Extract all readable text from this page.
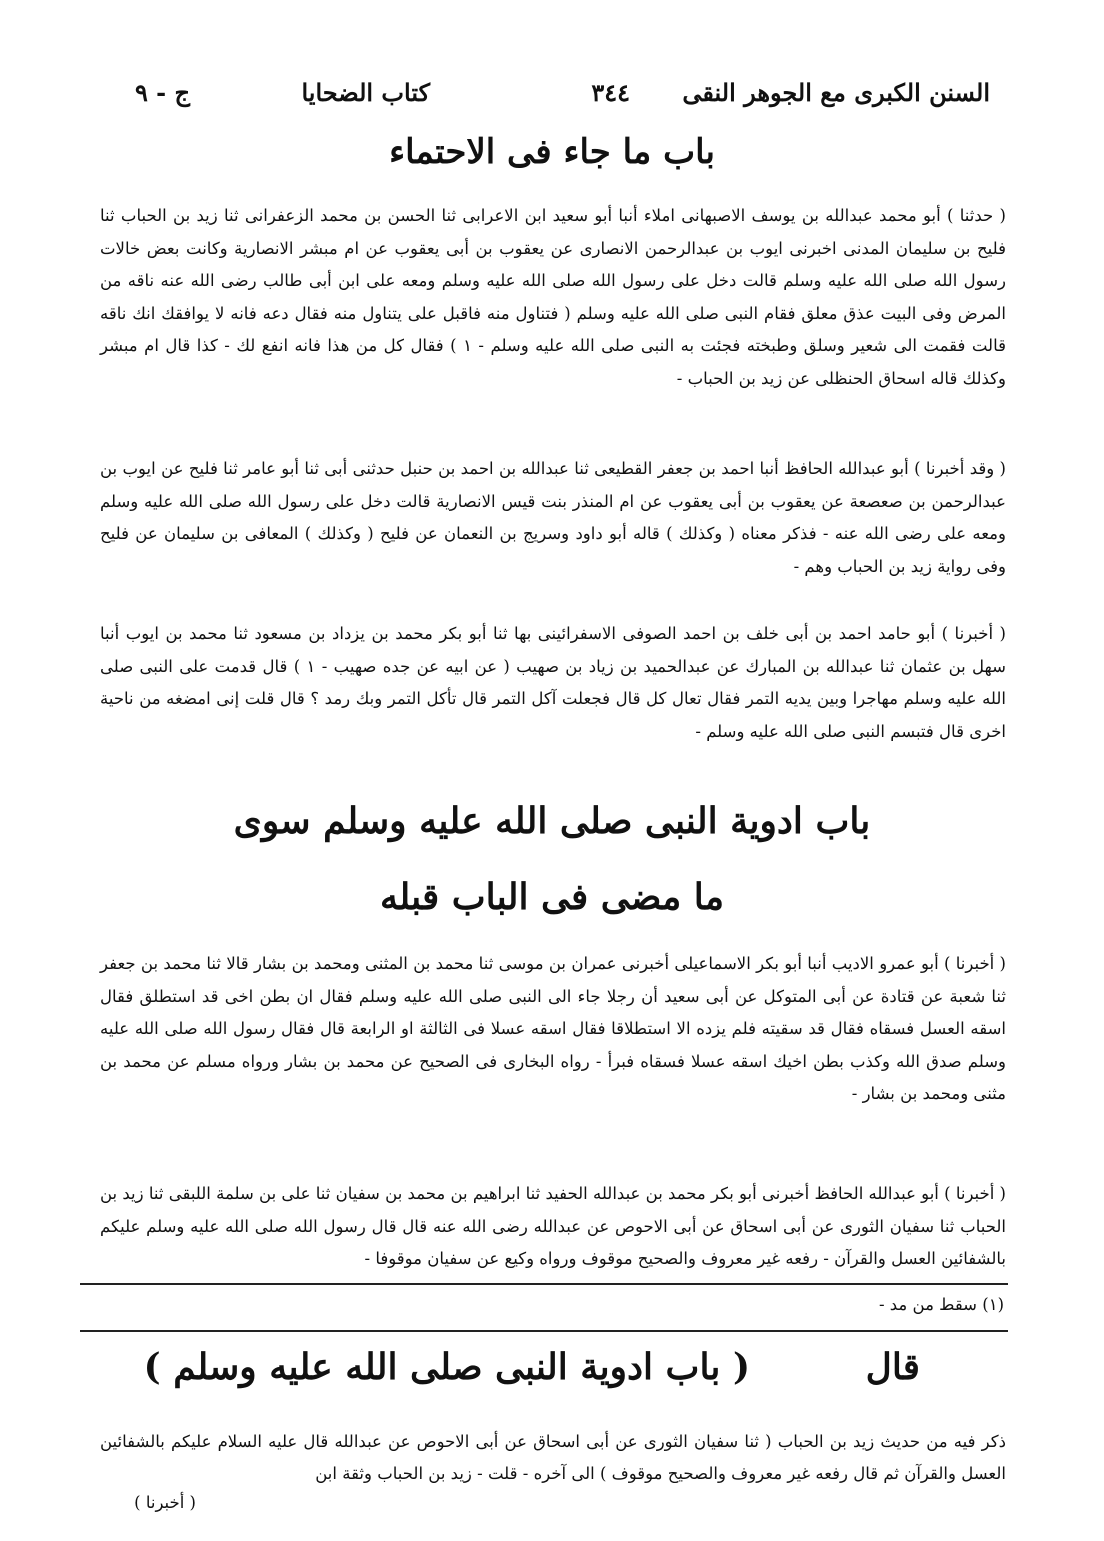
السنن الكبرى مع الجوهر النقى
٣٤٤
كتاب الضحايا
ج - ٩
باب ما جاء فى الاحتماء

( حدثنا ) أبو محمد عبدالله بن يوسف الاصبهانى املاء أنبا أبو سعيد ابن الاعرابى ثنا الحسن بن محمد الزعفرانى ثنا زيد بن الحباب ثنا فليح بن سليمان المدنى اخبرنى ايوب بن عبدالرحمن الانصارى عن يعقوب بن أبى يعقوب عن ام مبشر الانصارية وكانت بعض خالات رسول الله صلى الله عليه وسلم قالت دخل على رسول الله صلى الله عليه وسلم ومعه على ابن أبى طالب رضى الله عنه ناقه من المرض وفى البيت عذق معلق فقام النبى صلى الله عليه وسلم ( فتناول منه فاقبل على يتناول منه فقال دعه فانه لا يوافقك انك ناقه قالت فقمت الى شعير وسلق وطبخته فجئت به النبى صلى الله عليه وسلم - ١ ) فقال كل من هذا فانه انفع لك - كذا قال ام مبشر وكذلك قاله اسحاق الحنظلى عن زيد بن الحباب -

( وقد أخبرنا ) أبو عبدالله الحافظ أنبا احمد بن جعفر القطيعى ثنا عبدالله بن احمد بن حنبل حدثنى أبى ثنا أبو عامر ثنا فليح عن ايوب بن عبدالرحمن بن صعصعة عن يعقوب بن أبى يعقوب عن ام المنذر بنت قيس الانصارية قالت دخل على رسول الله صلى الله عليه وسلم ومعه على رضى الله عنه - فذكر معناه ( وكذلك ) قاله أبو داود وسريج بن النعمان عن فليح ( وكذلك ) المعافى بن سليمان عن فليح وفى رواية زيد بن الحباب وهم -

( أخبرنا ) أبو حامد احمد بن أبى خلف بن احمد الصوفى الاسفرائينى بها ثنا أبو بكر محمد بن يزداد بن مسعود ثنا محمد بن ايوب أنبا سهل بن عثمان ثنا عبدالله بن المبارك عن عبدالحميد بن زياد بن صهيب ( عن ابيه عن جده صهيب - ١ ) قال قدمت على النبى صلى الله عليه وسلم مهاجرا وبين يديه التمر فقال تعال كل قال فجعلت آكل التمر قال تأكل التمر وبك رمد ؟ قال قلت إنى امضغه من ناحية اخرى قال فتبسم النبى صلى الله عليه وسلم -

باب ادوية النبى صلى الله عليه وسلم سوى
ما مضى فى الباب قبله

( أخبرنا ) أبو عمرو الاديب أنبا أبو بكر الاسماعيلى أخبرنى عمران بن موسى ثنا محمد بن المثنى ومحمد بن بشار قالا ثنا محمد بن جعفر ثنا شعبة عن قتادة عن أبى المتوكل عن أبى سعيد أن رجلا جاء الى النبى صلى الله عليه وسلم فقال ان بطن اخى قد استطلق فقال اسقه العسل فسقاه فقال قد سقيته فلم يزده الا استطلاقا فقال اسقه عسلا فى الثالثة او الرابعة قال فقال رسول الله صلى الله عليه وسلم صدق الله وكذب بطن اخيك اسقه عسلا فسقاه فبرأ - رواه البخارى فى الصحيح عن محمد بن بشار ورواه مسلم عن محمد بن مثنى ومحمد بن بشار -

( أخبرنا ) أبو عبدالله الحافظ أخبرنى أبو بكر محمد بن عبدالله الحفيد ثنا ابراهيم بن محمد بن سفيان ثنا على بن سلمة اللبقى ثنا زيد بن الحباب ثنا سفيان الثورى عن أبى اسحاق عن أبى الاحوص عن عبدالله رضى الله عنه قال قال رسول الله صلى الله عليه وسلم عليكم بالشفائين العسل والقرآن - رفعه غير معروف والصحيح موقوف ورواه وكيع عن سفيان موقوفا -

(١) سقط من مد -
قال
( باب ادوية النبى صلى الله عليه وسلم )

ذكر فيه من حديث زيد بن الحباب ( ثنا سفيان الثورى عن أبى اسحاق عن أبى الاحوص عن عبدالله قال عليه السلام عليكم بالشفائين العسل والقرآن ثم قال رفعه غير معروف والصحيح موقوف ) الى آخره - قلت - زيد بن الحباب وثقة ابن

( أخبرنا )
